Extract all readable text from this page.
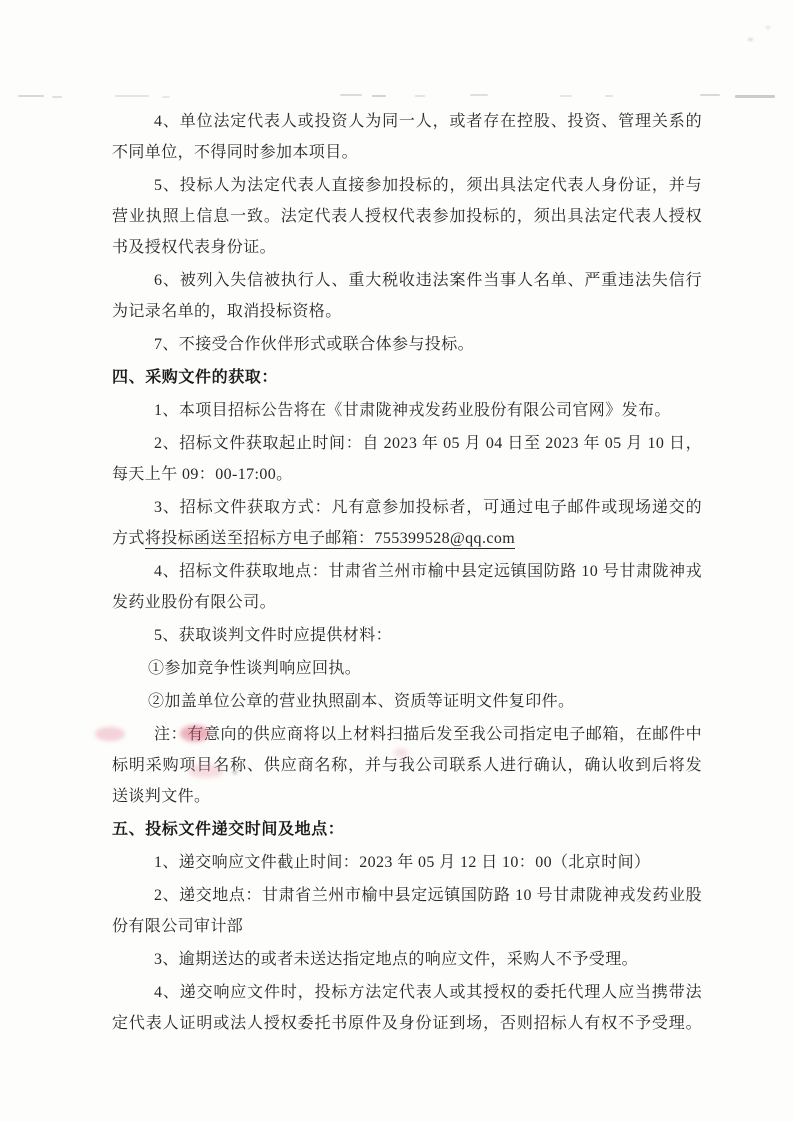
4、单位法定代表人或投资人为同一人，或者存在控股、投资、管理关系的
不同单位，不得同时参加本项目。

5、投标人为法定代表人直接参加投标的，须出具法定代表人身份证，并与
营业执照上信息一致。法定代表人授权代表参加投标的，须出具法定代表人授权
书及授权代表身份证。

6、被列入失信被执行人、重大税收违法案件当事人名单、严重违法失信行
为记录名单的，取消投标资格。

7、不接受合作伙伴形式或联合体参与投标。

四、采购文件的获取：

1、本项目招标公告将在《甘肃陇神戎发药业股份有限公司官网》发布。

2、招标文件获取起止时间：自 2023 年 05 月 04 日至 2023 年 05 月 10 日，
每天上午 09：00-17:00。

3、招标文件获取方式：凡有意参加投标者，可通过电子邮件或现场递交的
方式将投标函送至招标方电子邮箱：755399528@qq.com

4、招标文件获取地点：甘肃省兰州市榆中县定远镇国防路 10 号甘肃陇神戎
发药业股份有限公司。

5、获取谈判文件时应提供材料：

①参加竞争性谈判响应回执。

②加盖单位公章的营业执照副本、资质等证明文件复印件。

注：有意向的供应商将以上材料扫描后发至我公司指定电子邮箱，在邮件中
标明采购项目名称、供应商名称，并与我公司联系人进行确认，确认收到后将发
送谈判文件。

五、投标文件递交时间及地点：

1、递交响应文件截止时间：2023 年 05 月 12 日 10：00（北京时间）

2、递交地点：甘肃省兰州市榆中县定远镇国防路 10 号甘肃陇神戎发药业股
份有限公司审计部

3、逾期送达的或者未送达指定地点的响应文件，采购人不予受理。

4、递交响应文件时，投标方法定代表人或其授权的委托代理人应当携带法
定代表人证明或法人授权委托书原件及身份证到场，否则招标人有权不予受理。
